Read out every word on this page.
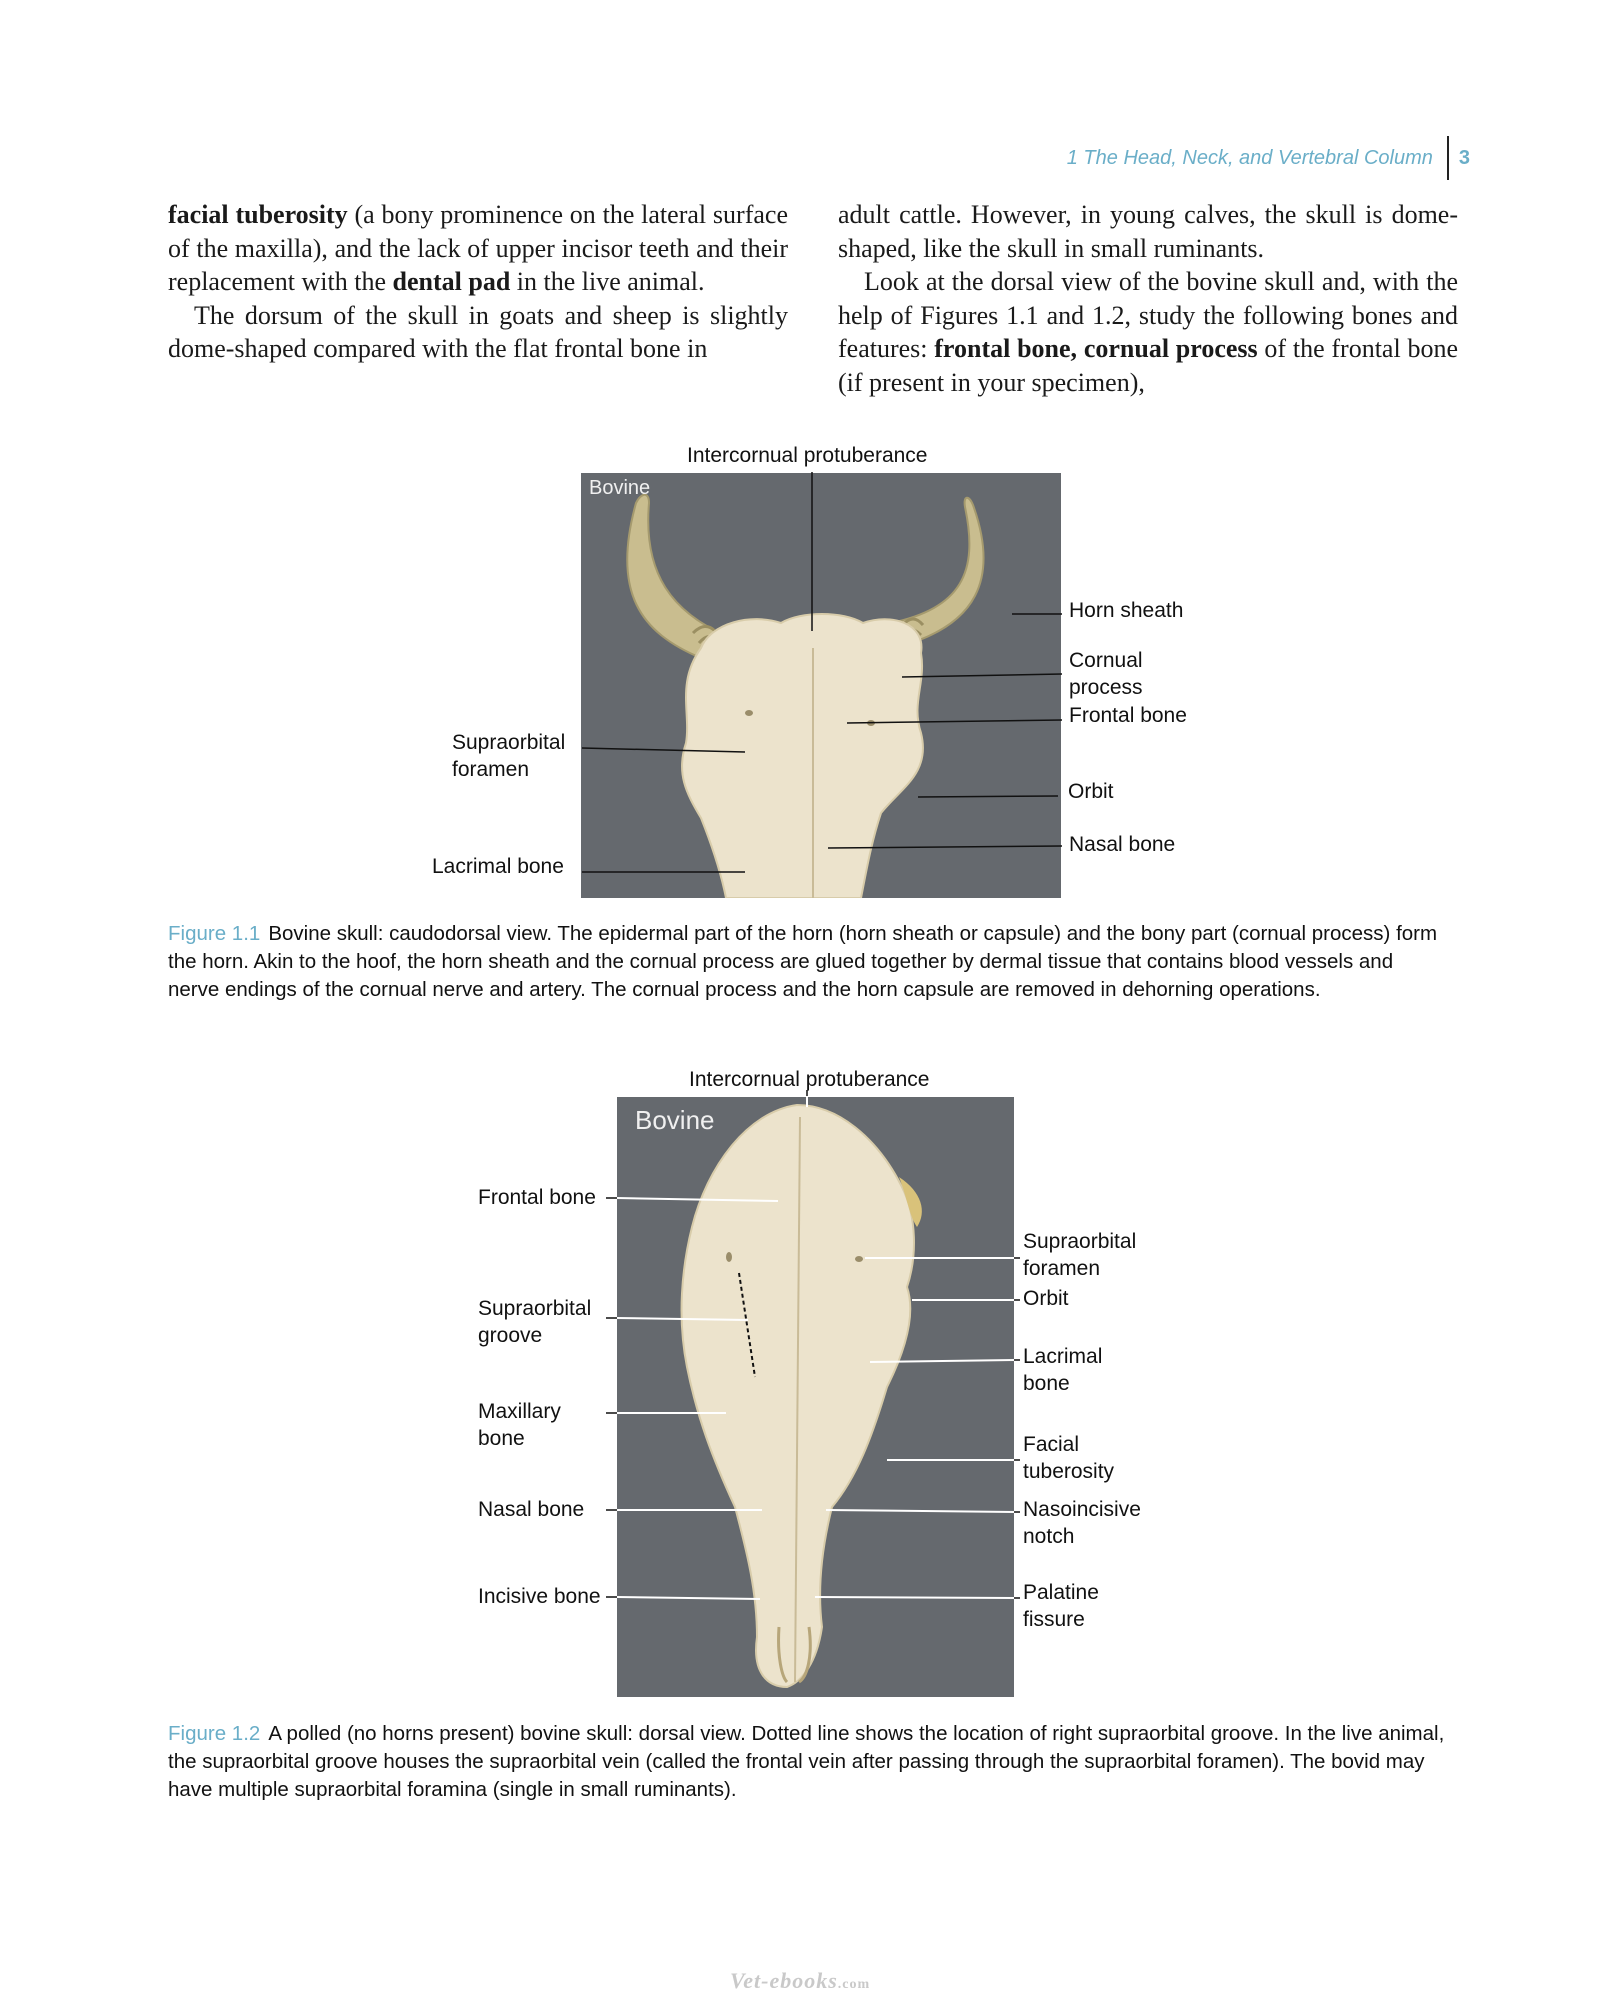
1 The Head, Neck, and Vertebral Column	3

facial tuberosity (a bony prominence on the lateral surface of the maxilla), and the lack of upper incisor teeth and their replacement with the dental pad in the live animal.

The dorsum of the skull in goats and sheep is slightly dome-shaped compared with the flat frontal bone in

adult cattle. However, in young calves, the skull is dome-shaped, like the skull in small ruminants.

Look at the dorsal view of the bovine skull and, with the help of Figures 1.1 and 1.2, study the following bones and features: frontal bone, cornual process of the frontal bone (if present in your specimen),

Bovine
Intercornual protuberance
Horn sheath
Cornual
process
Frontal bone
Supraorbital
foramen
Orbit
Nasal bone
Lacrimal bone
Figure 1.1 Bovine skull: caudodorsal view. The epidermal part of the horn (horn sheath or capsule) and the bony part (cornual process) form the horn. Akin to the hoof, the horn sheath and the cornual process are glued together by dermal tissue that contains blood vessels and nerve endings of the cornual nerve and artery. The cornual process and the horn capsule are removed in dehorning operations.
Bovine
Intercornual protuberance
Frontal bone
Supraorbital
groove
Maxillary
bone
Nasal bone
Incisive bone
Supraorbital
foramen
Orbit
Lacrimal
bone
Facial
tuberosity
Nasoincisive
notch
Palatine
fissure
Figure 1.2 A polled (no horns present) bovine skull: dorsal view. Dotted line shows the location of right supraorbital groove. In the live animal, the supraorbital groove houses the supraorbital vein (called the frontal vein after passing through the supraorbital foramen). The bovid may have multiple supraorbital foramina (single in small ruminants).
Vet-ebooks.com
